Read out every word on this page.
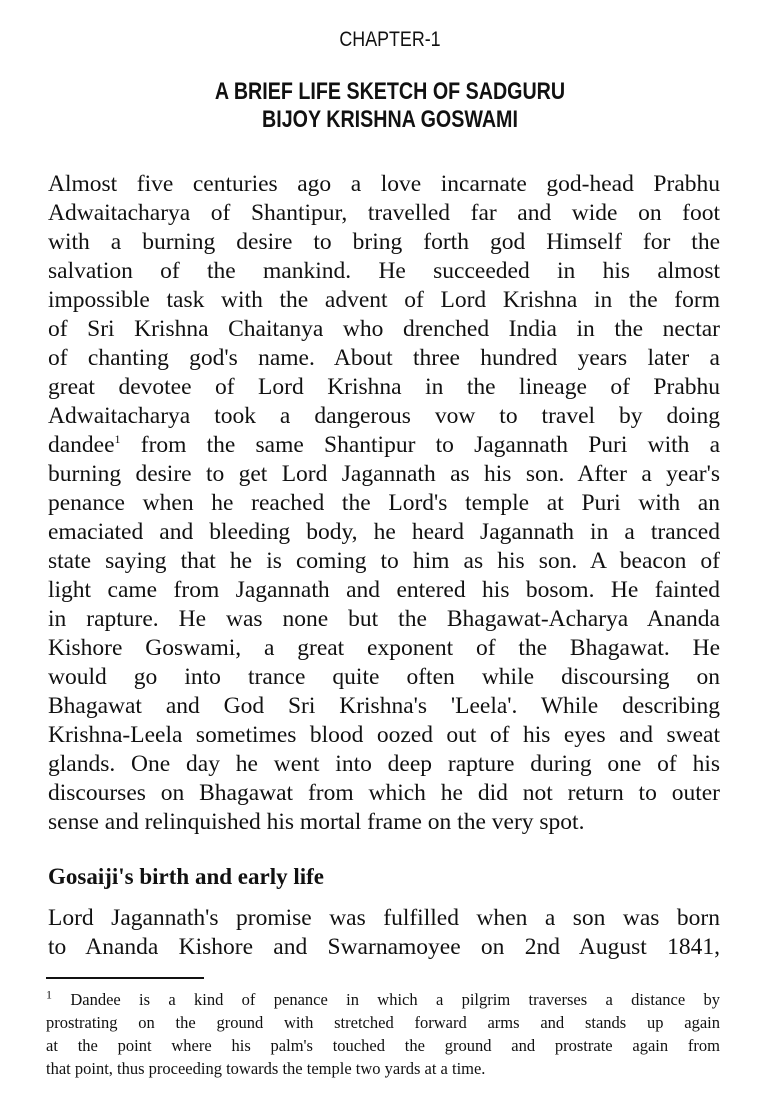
CHAPTER-1
A BRIEF LIFE SKETCH OF SADGURU
BIJOY KRISHNA GOSWAMI
Almost five centuries ago a love incarnate god-head Prabhu
Adwaitacharya of Shantipur, travelled far and wide on foot
with a burning desire to bring forth god Himself for the
salvation of the mankind. He succeeded in his almost
impossible task with the advent of Lord Krishna in the form
of Sri Krishna Chaitanya who drenched India in the nectar
of chanting god's name. About three hundred years later a
great devotee of Lord Krishna in the lineage of Prabhu
Adwaitacharya took a dangerous vow to travel by doing
dandee$^1$ from the same Shantipur to Jagannath Puri with a
burning desire to get Lord Jagannath as his son. After a year's
penance when he reached the Lord's temple at Puri with an
emaciated and bleeding body, he heard Jagannath in a tranced
state saying that he is coming to him as his son. A beacon of
light came from Jagannath and entered his bosom. He fainted
in rapture. He was none but the Bhagawat-Acharya Ananda
Kishore Goswami, a great exponent of the Bhagawat. He
would go into trance quite often while discoursing on
Bhagawat and God Sri Krishna's 'Leela'. While describing
Krishna-Leela sometimes blood oozed out of his eyes and sweat
glands. One day he went into deep rapture during one of his
discourses on Bhagawat from which he did not return to outer
sense and relinquished his mortal frame on the very spot.
Gosaiji's birth and early life
Lord Jagannath's promise was fulfilled when a son was born
to Ananda Kishore and Swarnamoyee on 2nd August 1841,
$^1$ Dandee is a kind of penance in which a pilgrim traverses a distance by
prostrating on the ground with stretched forward arms and stands up again
at the point where his palm's touched the ground and prostrate again from
that point, thus proceeding towards the temple two yards at a time.
